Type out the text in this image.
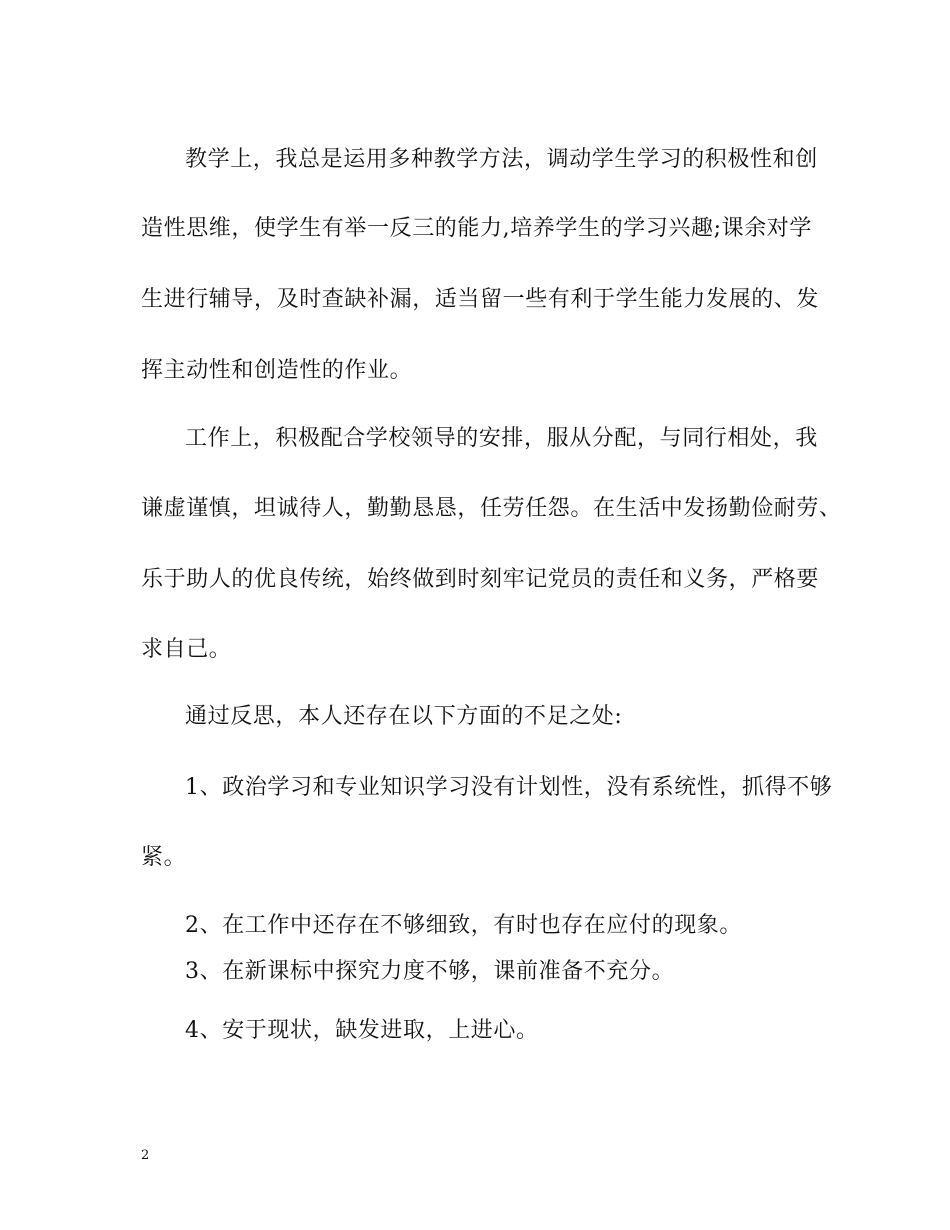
教学上，我总是运用多种教学方法，调动学生学习的积极性和创
造性思维，使学生有举一反三的能力,培养学生的学习兴趣;课余对学
生进行辅导，及时查缺补漏，适当留一些有利于学生能力发展的、发
挥主动性和创造性的作业。
工作上，积极配合学校领导的安排，服从分配，与同行相处，我
谦虚谨慎，坦诚待人，勤勤恳恳，任劳任怨。在生活中发扬勤俭耐劳、
乐于助人的优良传统，始终做到时刻牢记党员的责任和义务，严格要
求自己。
通过反思，本人还存在以下方面的不足之处:
1、政治学习和专业知识学习没有计划性，没有系统性，抓得不够
紧。
2、在工作中还存在不够细致，有时也存在应付的现象。
3、在新课标中探究力度不够，课前准备不充分。
4、安于现状，缺发进取，上进心。
2
